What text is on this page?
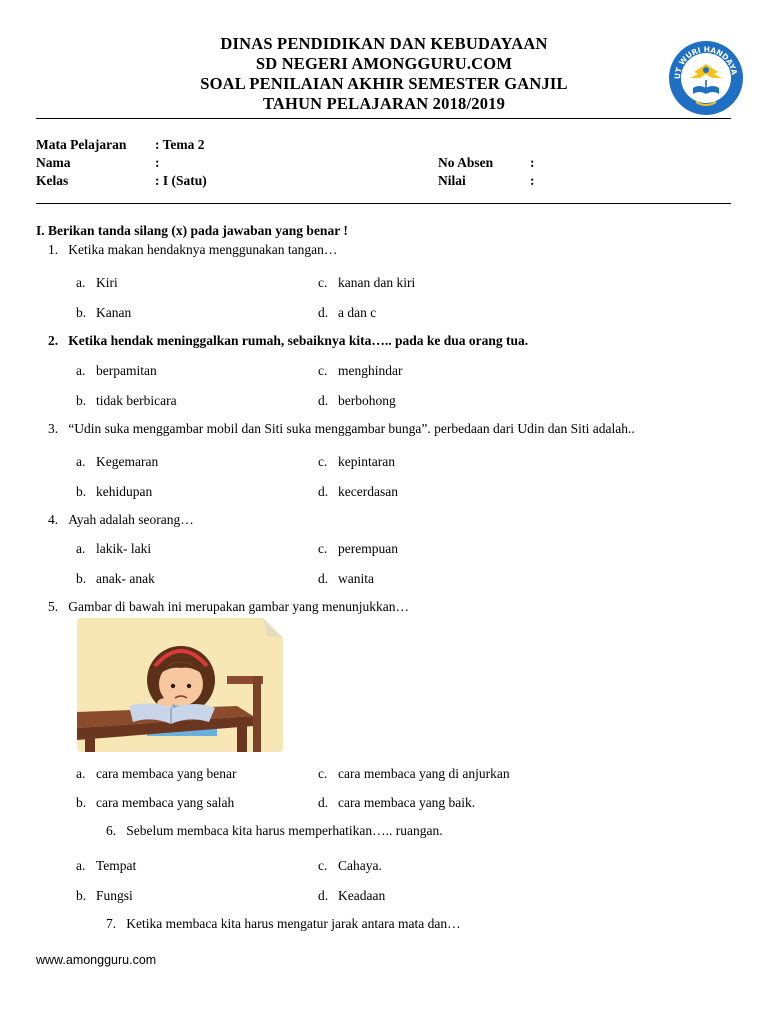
DINAS PENDIDIKAN DAN KEBUDAYAAN
SD NEGERI AMONGGURU.COM
SOAL PENILAIAN AKHIR SEMESTER GANJIL
TAHUN PELAJARAN 2018/2019
UT WURI HANDAYA
Mata Pelajaran : Tema 2
Nama	:	No Absen	:
Kelas	: I (Satu)	Nilai	:
I. Berikan tanda silang (x) pada jawaban yang benar !
1. Ketika makan hendaknya menggunakan tangan…
a. Kiri	c. kanan dan kiri
b. Kanan	d. a dan c
2. Ketika hendak meninggalkan rumah, sebaiknya kita….. pada ke dua orang tua.
a. berpamitan	c. menghindar
b. tidak berbicara	d. berbohong
3. “Udin suka menggambar mobil dan Siti suka menggambar bunga”. perbedaan dari Udin dan Siti adalah..
a. Kegemaran	c. kepintaran
b. kehidupan	d. kecerdasan
4. Ayah adalah seorang…
a. lakik- laki	c. perempuan
b. anak- anak	d. wanita
5. Gambar di bawah ini merupakan gambar yang menunjukkan…
a. cara membaca yang benar	c. cara membaca yang di anjurkan
b. cara membaca yang salah	d. cara membaca yang baik.
6. Sebelum membaca kita harus memperhatikan….. ruangan.
a. Tempat	c. Cahaya.
b. Fungsi	d. Keadaan
7. Ketika membaca kita harus mengatur jarak antara mata dan…
www.amongguru.com
